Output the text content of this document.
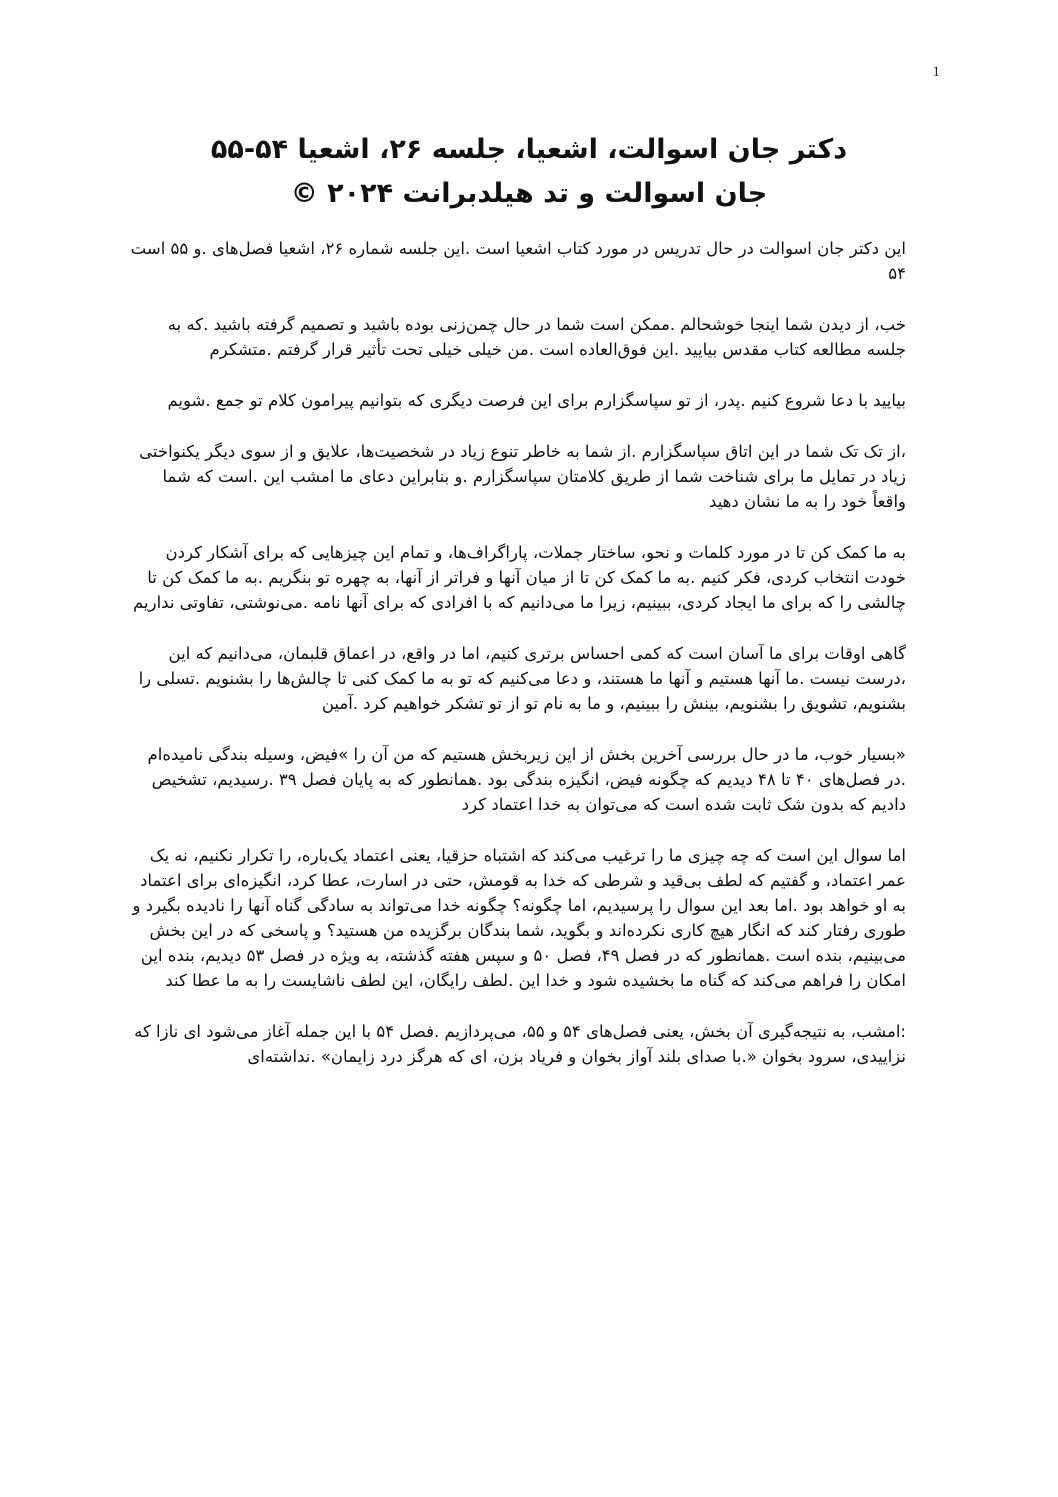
1
دکتر جان اسوالت، اشعیا، جلسه ۲۶، اشعیا ۵۴-۵۵
جان اسوالت و تد هیلدبرانت ۲۰۲۴ ©

این دکتر جان اسوالت در حال تدریس در مورد کتاب اشعیا است .این جلسه شماره ۲۶، اشعیا فصل‌های .و ۵۵ است ۵۴

خب، از دیدن شما اینجا خوشحالم .ممکن است شما در حال چمن‌زنی بوده باشید و تصمیم گرفته باشید .که به جلسه مطالعه کتاب مقدس بیایید .این فوق‌العاده است .من خیلی خیلی تحت تأثیر قرار گرفتم .متشکرم

بیایید با دعا شروع کنیم .پدر، از تو سپاسگزارم برای این فرصت دیگری که بتوانیم پیرامون کلام تو جمع .شویم

،از تک تک شما در این اتاق سپاسگزارم .از شما به خاطر تنوع زیاد در شخصیت‌ها، علایق و از سوی دیگر یکنواختی زیاد در تمایل ما برای شناخت شما از طریق کلامتان سپاسگزارم .و بنابراین دعای ما امشب این .است که شما واقعاً خود را به ما نشان دهید

به ما کمک کن تا در مورد کلمات و نحو، ساختار جملات، پاراگراف‌ها، و تمام این چیزهایی که برای آشکار کردن خودت انتخاب کردی، فکر کنیم .به ما کمک کن تا از میان آنها و فراتر از آنها، به چهره تو بنگریم .به ما کمک کن تا چالشی را که برای ما ایجاد کردی، ببینیم، زیرا ما می‌دانیم که با افرادی که برای آنها نامه .می‌نوشتی، تفاوتی نداریم

گاهی اوقات برای ما آسان است که کمی احساس برتری کنیم، اما در واقع، در اعماق قلبمان، می‌دانیم که این ،درست نیست .ما آنها هستیم و آنها ما هستند، و دعا می‌کنیم که تو به ما کمک کنی تا چالش‌ها را بشنویم .تسلی را بشنویم، تشویق را بشنویم، بینش را ببینیم، و ما به نام تو از تو تشکر خواهیم کرد .آمین

«بسیار خوب، ما در حال بررسی آخرین بخش از این زیربخش هستیم که من آن را »فیض، وسیله بندگی نامیده‌ام .در فصل‌های ۴۰ تا ۴۸ دیدیم که چگونه فیض، انگیزه بندگی بود .همانطور که به پایان فصل ۳۹ .رسیدیم، تشخیص دادیم که بدون شک ثابت شده است که می‌توان به خدا اعتماد کرد

اما سوال این است که چه چیزی ما را ترغیب می‌کند که اشتباه حزقیا، یعنی اعتماد یک‌باره، را تکرار نکنیم، نه یک عمر اعتماد، و گفتیم که لطف بی‌قید و شرطی که خدا به قومش، حتی در اسارت، عطا کرد، انگیزه‌ای برای اعتماد به او خواهد بود .اما بعد این سوال را پرسیدیم، اما چگونه؟ چگونه خدا می‌تواند به سادگی گناه آنها را نادیده بگیرد و طوری رفتار کند که انگار هیچ کاری نکرده‌اند و بگوید، شما بندگان برگزیده من هستید؟ و پاسخی که در این بخش می‌بینیم، بنده است .همانطور که در فصل ۴۹، فصل ۵۰ و سپس هفته گذشته، به ویژه در فصل ۵۳ دیدیم، بنده این امکان را فراهم می‌کند که گناه ما بخشیده شود و خدا این .لطف رایگان، این لطف ناشایست را به ما عطا کند

:امشب، به نتیجه‌گیری آن بخش، یعنی فصل‌های ۵۴ و ۵۵، می‌پردازیم .فصل ۵۴ با این جمله آغاز می‌شود ای نازا که نزاییدی، سرود بخوان «.با صدای بلند آواز بخوان و فریاد بزن، ای که هرگز درد زایمان» .نداشته‌ای
